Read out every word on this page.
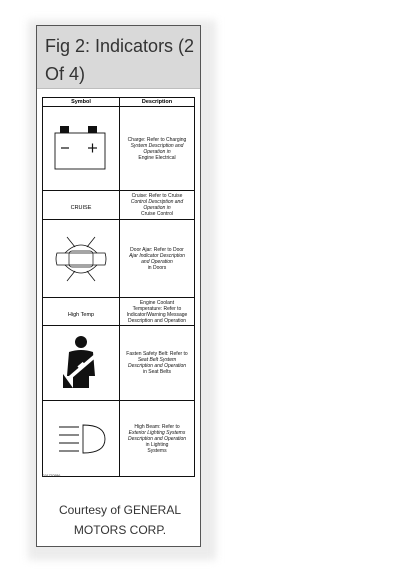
Fig 2: Indicators (2
Of 4)
Symbol	Description

Charge: Refer to Charging
System Description and
Operation in
Engine Electrical

CRUISE	Cruise: Refer to Cruise
Control Description and
Operation in
Cruise Control

Door Ajar: Refer to Door
Ajar Indicator Description
and Operation
in Doors

High Temp	Engine Coolant
Temperature: Refer to
Indicator/Warning Message
Description and Operation

Fasten Safety Belt: Refer to
Seat Belt System
Description and Operation
in Seat Belts

High Beam: Refer to
Exterior Lighting Systems
Description and Operation
in Lighting
Systems
G01770586
Courtesy of GENERAL
MOTORS CORP.
